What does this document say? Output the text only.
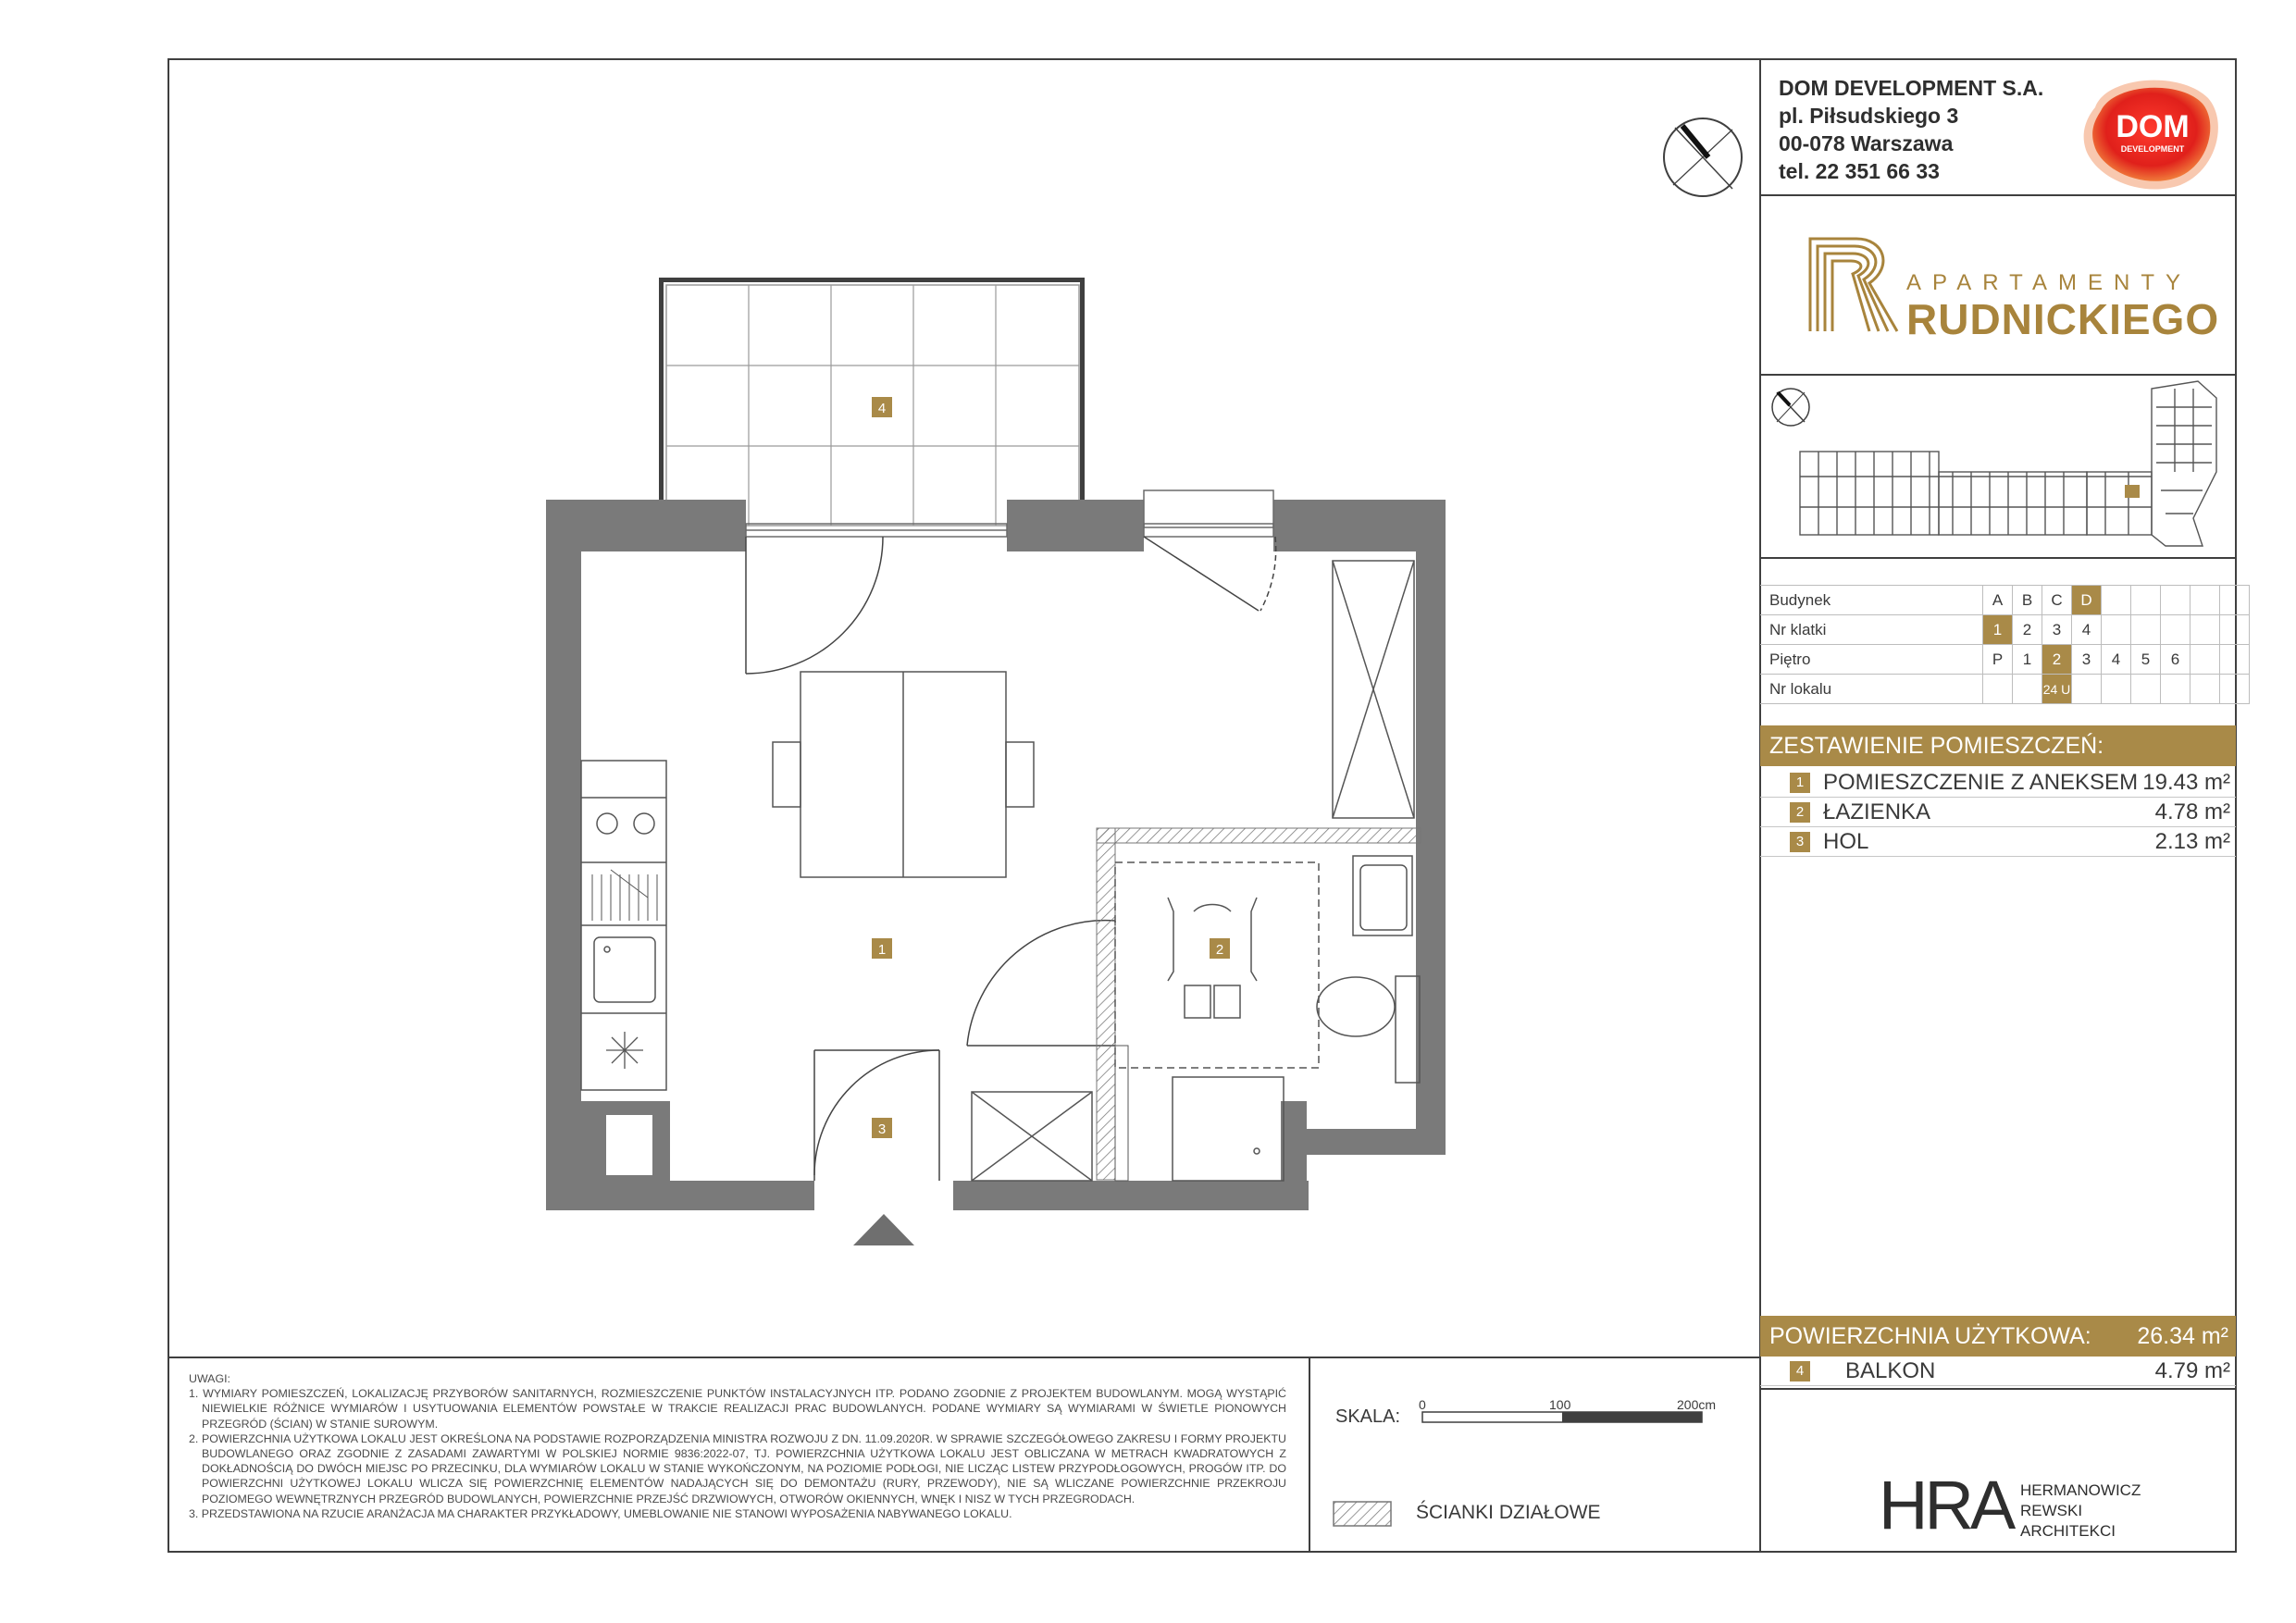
DOM DEVELOPMENT S.A.
pl. Piłsudskiego 3
00-078 Warszawa
tel. 22 351 66 33
DOM
DEVELOPMENT
APARTAMENTY
RUDNICKIEGO
Budynek	A	B	C	D					
Nr klatki	1	2	3	4					
Piętro	P	1	2	3	4	5	6		
Nr lokalu			24 U						
ZESTAWIENIE POMIESZCZEŃ:
1 POMIESZCZENIE Z ANEKSEM 19.43 m²
2 ŁAZIENKA	4.78 m²
3 HOL	2.13 m²
POWIERZCHNIA UŻYTKOWA: 26.34 m²
4 BALKON	4.79 m²
4
1	2
3
UWAGI:
1. WYMIARY POMIESZCZEŃ, LOKALIZACJĘ PRZYBORÓW SANITARNYCH, ROZMIESZCZENIE PUNKTÓW INSTALACYJNYCH ITP. PODANO ZGODNIE Z PROJEKTEM BUDOWLANYM. MOGĄ WYSTĄPIĆ NIEWIELKIE RÓŻNICE WYMIARÓW I USYTUOWANIA ELEMENTÓW POWSTAŁE W TRAKCIE REALIZACJI PRAC BUDOWLANYCH. PODANE WYMIARY SĄ WYMIARAMI W ŚWIETLE PIONOWYCH PRZEGRÓD (ŚCIAN) W STANIE SUROWYM.
2. POWIERZCHNIA UŻYTKOWA LOKALU JEST OKREŚLONA NA PODSTAWIE ROZPORZĄDZENIA MINISTRA ROZWOJU Z DN. 11.09.2020R. W SPRAWIE SZCZEGÓŁOWEGO ZAKRESU I FORMY PROJEKTU BUDOWLANEGO ORAZ ZGODNIE Z ZASADAMI ZAWARTYMI W POLSKIEJ NORMIE 9836:2022-07, TJ. POWIERZCHNIA UŻYTKOWA LOKALU JEST OBLICZANA W METRACH KWADRATOWYCH Z DOKŁADNOŚCIĄ DO DWÓCH MIEJSC PO PRZECINKU, DLA WYMIARÓW LOKALU W STANIE WYKOŃCZONYM, NA POZIOMIE PODŁOGI, NIE LICZĄC LISTEW PRZYPODŁOGOWYCH, PROGÓW ITP. DO POWIERZCHNI UŻYTKOWEJ LOKALU WLICZA SIĘ POWIERZCHNIĘ ELEMENTÓW NADAJĄCYCH SIĘ DO DEMONTAŻU (RURY, PRZEWODY), NIE SĄ WLICZANE POWIERZCHNIE PRZEKROJU POZIOMEGO WEWNĘTRZNYCH PRZEGRÓD BUDOWLANYCH, POWIERZCHNIE PRZEJŚĆ DRZWIOWYCH, OTWORÓW OKIENNYCH, WNĘK I NISZ W TYCH PRZEGRODACH.
3. PRZEDSTAWIONA NA RZUCIE ARANŻACJA MA CHARAKTER PRZYKŁADOWY, UMEBLOWANIE NIE STANOWI WYPOSAŻENIA NABYWANEGO LOKALU.
SKALA:
0	100	200cm
ŚCIANKI DZIAŁOWE	HRA HERMANOWICZ
REWSKI
ARCHITEKCI
